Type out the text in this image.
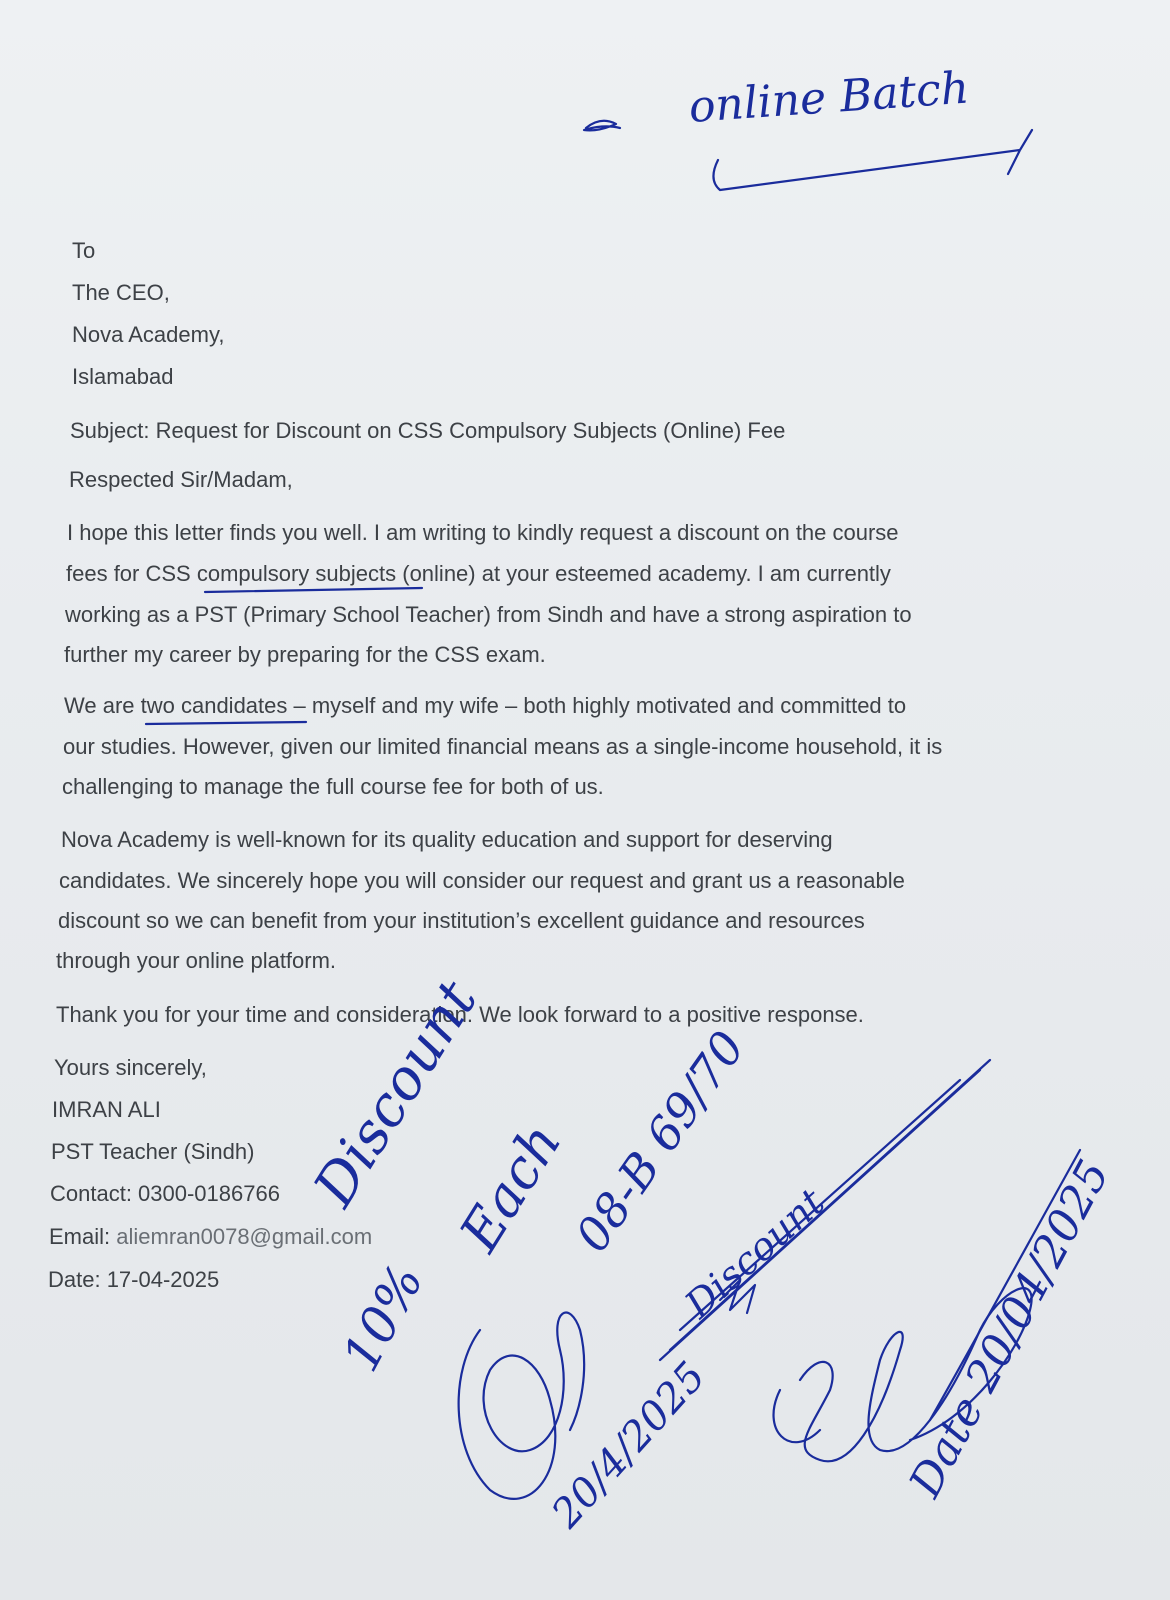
To
The CEO,
Nova Academy,
Islamabad
Subject: Request for Discount on CSS Compulsory Subjects (Online) Fee
Respected Sir/Madam,
I hope this letter finds you well. I am writing to kindly request a discount on the course
fees for CSS compulsory subjects (online) at your esteemed academy. I am currently
working as a PST (Primary School Teacher) from Sindh and have a strong aspiration to
further my career by preparing for the CSS exam.
We are two candidates – myself and my wife – both highly motivated and committed to
our studies. However, given our limited financial means as a single-income household, it is
challenging to manage the full course fee for both of us.
Nova Academy is well-known for its quality education and support for deserving
candidates. We sincerely hope you will consider our request and grant us a reasonable
discount so we can benefit from your institution’s excellent guidance and resources
through your online platform.
Thank you for your time and consideration. We look forward to a positive response.
Yours sincerely,
IMRAN ALI
PST Teacher (Sindh)
Contact: 0300-0186766
Email: aliemran0078@gmail.com
Date: 17-04-2025
online Batch
Discount
Each
08-B 69/70
10%
20/4/2025
Discount Date 20/04/2025
